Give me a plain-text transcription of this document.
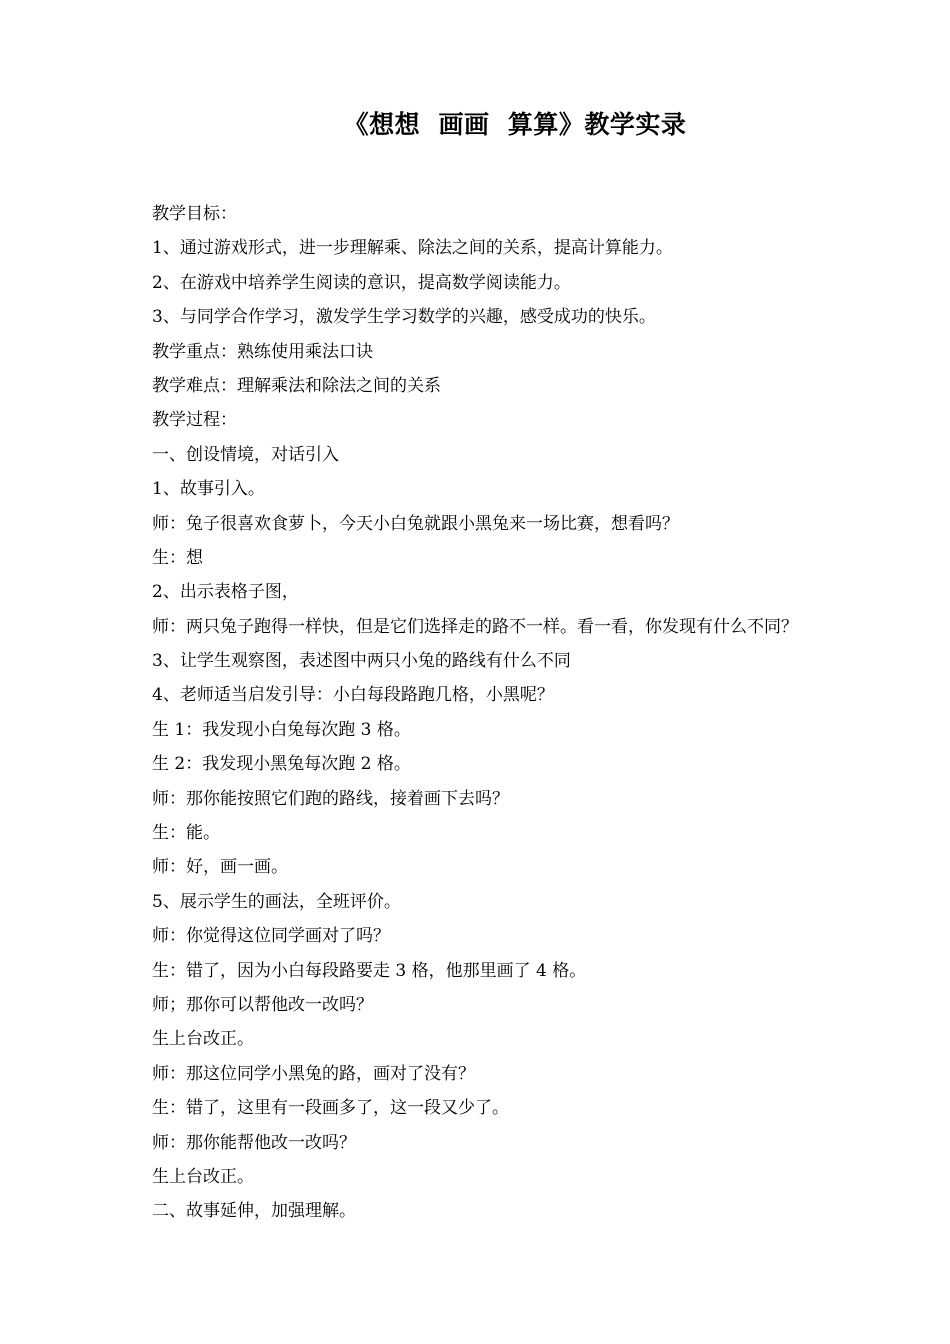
《想想  画画  算算》教学实录
教学目标：
1、通过游戏形式，进一步理解乘、除法之间的关系，提高计算能力。
2、在游戏中培养学生阅读的意识，提高数学阅读能力。
3、与同学合作学习，激发学生学习数学的兴趣，感受成功的快乐。
教学重点：熟练使用乘法口诀
教学难点：理解乘法和除法之间的关系
教学过程：
一、创设情境，对话引入
1、故事引入。
师：兔子很喜欢食萝卜，今天小白兔就跟小黑兔来一场比赛，想看吗？
生：想
2、出示表格子图，
师：两只兔子跑得一样快，但是它们选择走的路不一样。看一看，你发现有什么不同？
3、让学生观察图，表述图中两只小兔的路线有什么不同
4、老师适当启发引导：小白每段路跑几格，小黑呢？
生 1：我发现小白兔每次跑 3 格。
生 2：我发现小黑兔每次跑 2 格。
师：那你能按照它们跑的路线，接着画下去吗？
生：能。
师：好，画一画。
5、展示学生的画法，全班评价。
师：你觉得这位同学画对了吗？
生：错了，因为小白每段路要走 3 格，他那里画了 4 格。
师；那你可以帮他改一改吗？
生上台改正。
师：那这位同学小黑兔的路，画对了没有？
生：错了，这里有一段画多了，这一段又少了。
师：那你能帮他改一改吗？
生上台改正。
二、故事延伸，加强理解。
